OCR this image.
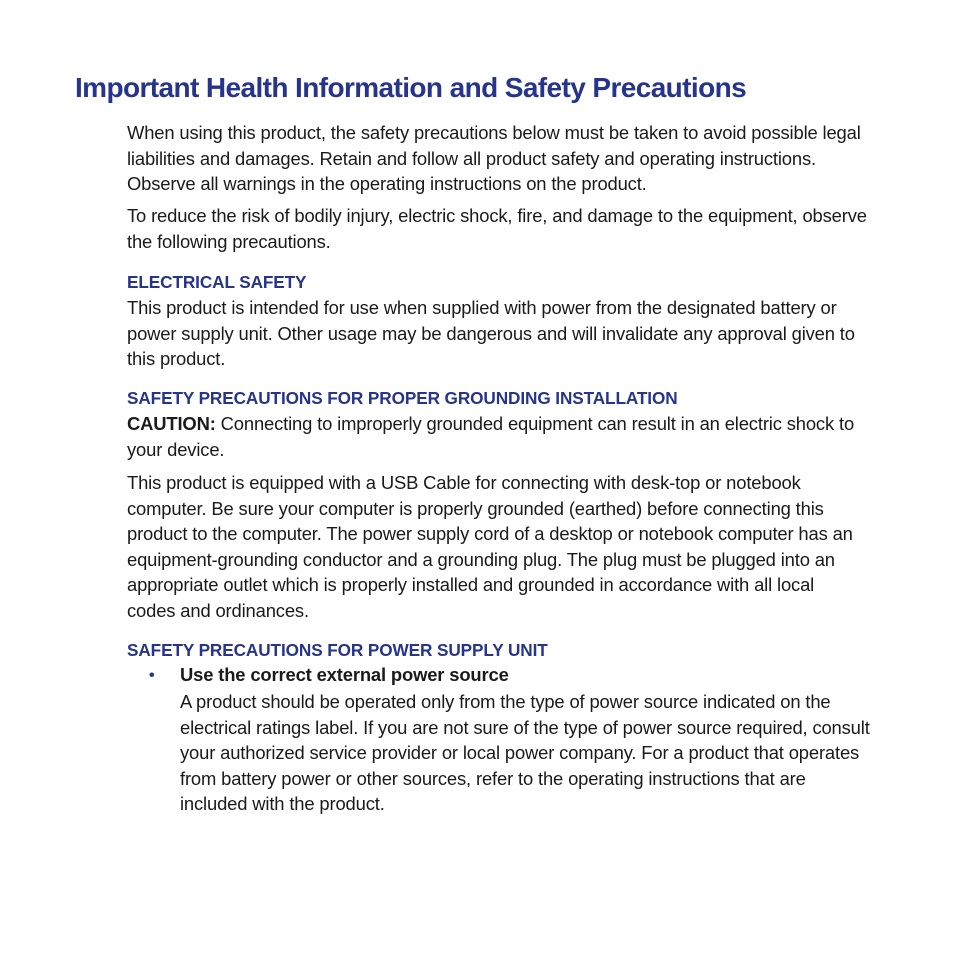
Important Health Information and Safety Precautions

When using this product, the safety precautions below must be taken to avoid possible legal liabilities and damages. Retain and follow all product safety and operating instructions. Observe all warnings in the operating instructions on the product.

To reduce the risk of bodily injury, electric shock, fire, and damage to the equipment, observe the following precautions.

ELECTRICAL SAFETY

This product is intended for use when supplied with power from the designated battery or power supply unit. Other usage may be dangerous and will invalidate any approval given to this product.

SAFETY PRECAUTIONS FOR PROPER GROUNDING INSTALLATION

CAUTION: Connecting to improperly grounded equipment can result in an electric shock to your device.

This product is equipped with a USB Cable for connecting with desk-top or notebook computer. Be sure your computer is properly grounded (earthed) before connecting this product to the computer. The power supply cord of a desktop or notebook computer has an equipment-grounding conductor and a grounding plug. The plug must be plugged into an appropriate outlet which is properly installed and grounded in accordance with all local codes and ordinances.

SAFETY PRECAUTIONS FOR POWER SUPPLY UNIT
• Use the correct external power source

A product should be operated only from the type of power source indicated on the electrical ratings label. If you are not sure of the type of power source required, consult your authorized service provider or local power company. For a product that operates from battery power or other sources, refer to the operating instructions that are included with the product.
